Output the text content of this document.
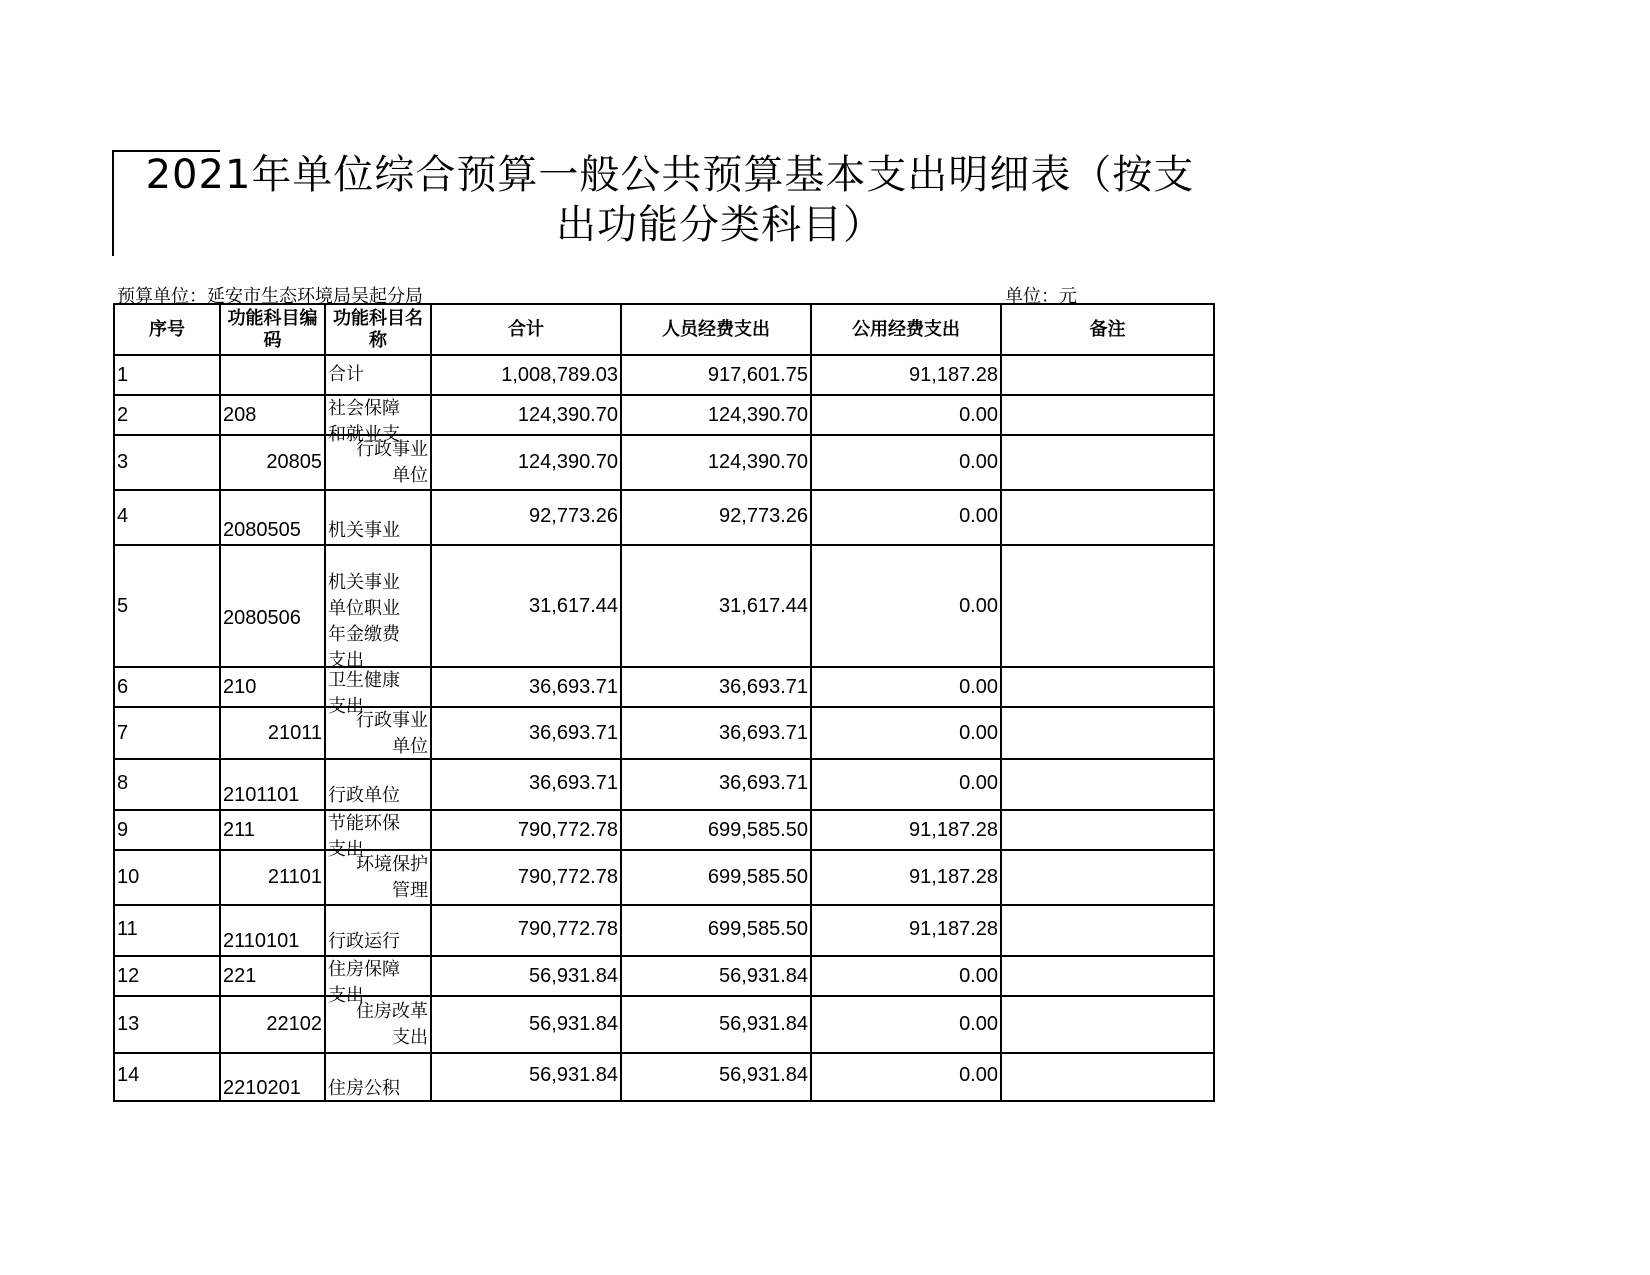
2021年单位综合预算一般公共预算基本支出明细表（按支

出功能分类科目）
预算单位：延安市生态环境局吴起分局	单位：元
序号	功能科目编码	功能科目名称	合计	人员经费支出	公用经费支出	备注
1		合计	1,008,789.03	917,601.75	91,187.28	
2	208	社会保障和就业支	124,390.70	124,390.70	0.00	
3	20805	行政事业单位	124,390.70	124,390.70	0.00	
4	2080505	机关事业	92,773.26	92,773.26	0.00	
5	2080506	机关事业单位职业年金缴费支出	31,617.44	31,617.44	0.00	
6	210	卫生健康支出	36,693.71	36,693.71	0.00	
7	21011	行政事业单位	36,693.71	36,693.71	0.00	
8	2101101	行政单位	36,693.71	36,693.71	0.00	
9	211	节能环保支出	790,772.78	699,585.50	91,187.28	
10	21101	环境保护管理	790,772.78	699,585.50	91,187.28	
11	2110101	行政运行	790,772.78	699,585.50	91,187.28	
12	221	住房保障支出	56,931.84	56,931.84	0.00	
13	22102	住房改革支出	56,931.84	56,931.84	0.00	
14	2210201	住房公积	56,931.84	56,931.84	0.00	
